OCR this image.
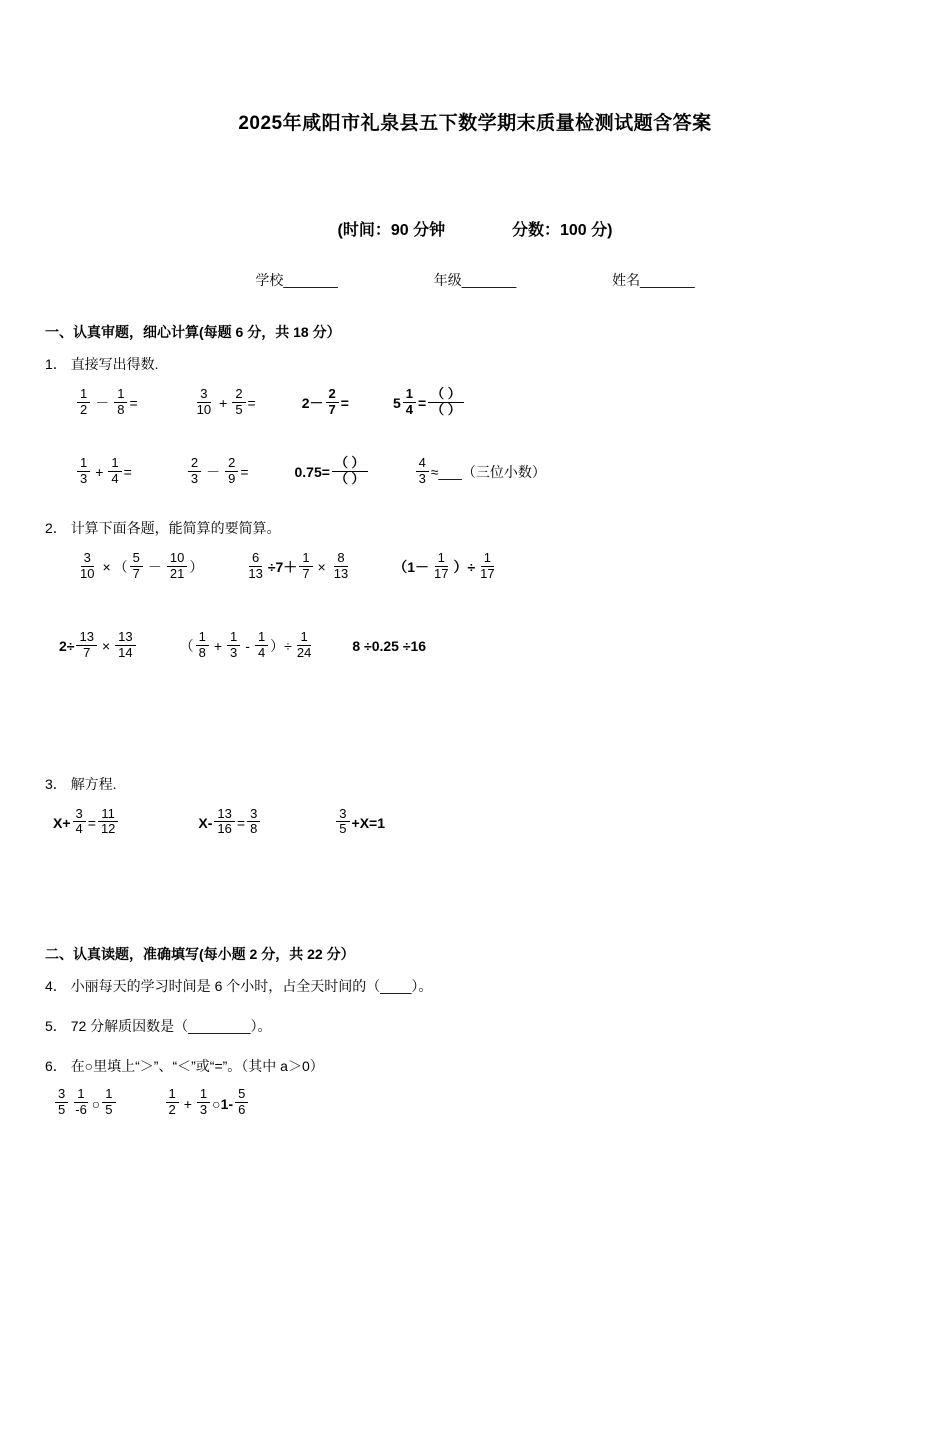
2025年咸阳市礼泉县五下数学期末质量检测试题含答案
(时间：90 分钟	分数：100 分)
学校_______	年级_______	姓名_______
一、认真审题，细心计算(每题 6 分，共 18 分）
1． 直接写出得数.
$\frac{1}{2} - \frac{1}{8}$ =	$\frac{3}{10} + \frac{2}{5}$ =	$2- \frac{2}{7}$ =	$5 \frac{1}{4} = \frac{( )}{( )}$
$\frac{1}{3} + \frac{1}{4}$ =	$\frac{2}{3} - \frac{2}{9}$ =	$0.75= \frac{( )}{( )}$	$\frac{4}{3}$ ≈___（三位小数）
2． 计算下面各题，能简算的要简算。
$\frac{3}{10}$ × （ $\frac{5}{7} - \frac{10}{21}$ ）	$\frac{6}{13} \div 7+ \frac{1}{7} \times \frac{8}{13}$	（$1- \frac{1}{17}$ ）÷ $\frac{1}{17}$
$2\div \frac{13}{7} \times \frac{13}{14}$	（ $\frac{1}{8} + \frac{1}{3} - \frac{1}{4}$ ）÷ $\frac{1}{24}$	8 ÷0.25 ÷16
3． 解方程.
$X+ \frac{3}{4} = \frac{11}{12}$	$X- \frac{13}{16} = \frac{3}{8}$	$\frac{3}{5} +X=1$
二、认真读题，准确填写(每小题 2 分，共 22 分）
4． 小丽每天的学习时间是 6 个小时，占全天时间的（____）。
5． 72 分解质因数是（________）。
6． 在○里填上“＞”、“＜”或“=”。（其中 a＞0）
$\frac{3}{5} \frac{1}{-6}$ ○ $\frac{1}{5}$	$\frac{1}{2} + \frac{1}{3}$ ○ $1- \frac{5}{6}$
